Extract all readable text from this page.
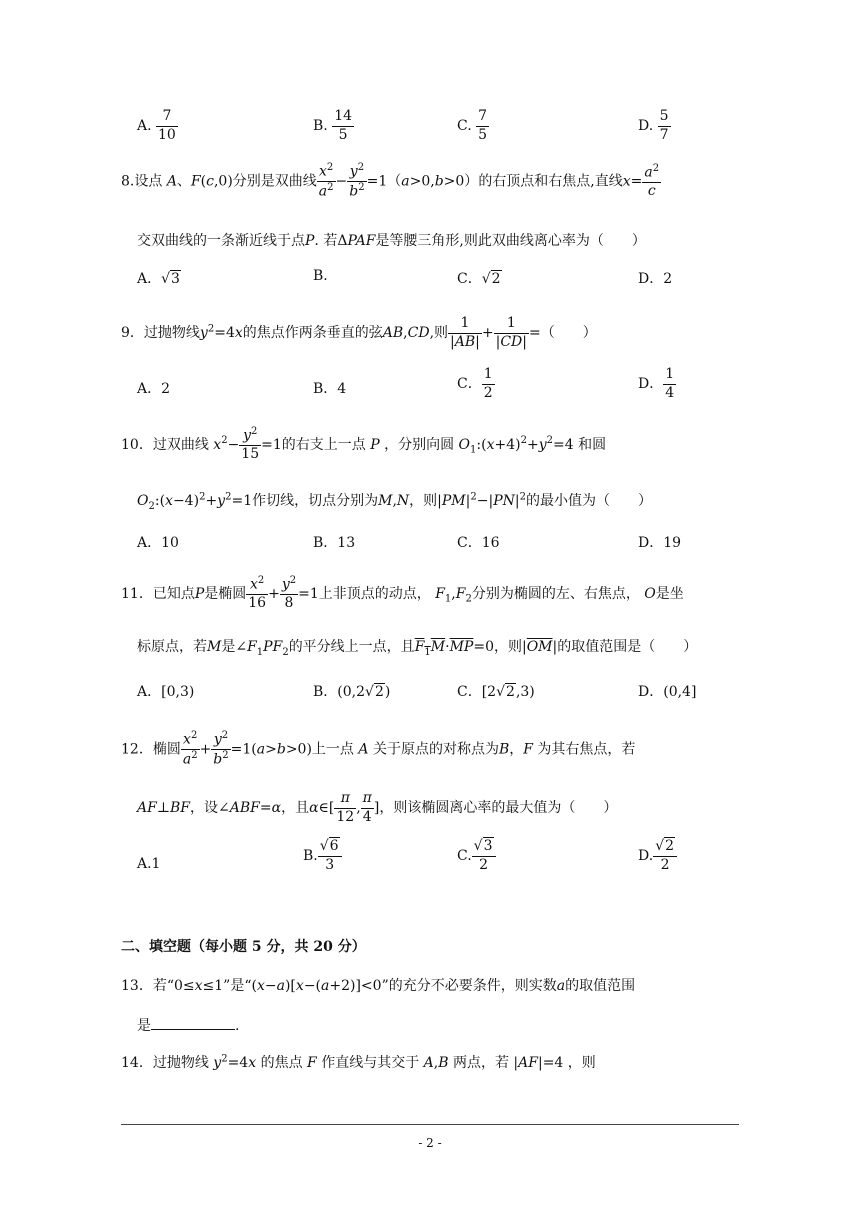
A. $\frac{7}{10}$	B. $\frac{14}{5}$	C. $\frac{7}{5}$	D. $\frac{5}{7}$
8.设点 A、F(c,0)分别是双曲线 $\frac{x^2}{a^2} - \frac{y^2}{b^2} =1(a>0,b>0)$的右顶点和右焦点,直线$x= \frac{a^2}{c}$
交双曲线的一条渐近线于点P. 若ΔPAF是等腰三角形,则此双曲线离心率为（　　）
A．√3	B.	C．√2	D．2
9．过抛物线$y^2=4x$的焦点作两条垂直的弦AB,CD,则 $\frac{1}{|AB|} + \frac{1}{|CD|}$ =（　　）
A．2	B．4	C． $\frac{1}{2}$	D． $\frac{1}{4}$
10．过双曲线 $x^2- \frac{y^2}{15} =1$的右支上一点 P ，分别向圆 $O_1:(x+4)^2+y^2=4$ 和圆
$O_2:(x-4)^2+y^2=1$作切线，切点分别为M,N，则$|PM|^2-|PN|^2$的最小值为（　　）
A．10	B．13	C．16	D．19
11．已知点P是椭圆 $\frac{x^2}{16} + \frac{y^2}{8} =1$上非顶点的动点， $F_1,F_2$分别为椭圆的左、右焦点， O是坐
标原点，若M是$\angle F_1PF_2$的平分线上一点，且$F_1M\cdot\overline{MP}=0$，则$|\overline{OM}|$的取值范围是（　　）
A．[0,3)	B．(0,2√2)	C．[2√2,3)	D．(0,4]
12．椭圆 $\frac{x^2}{a^2} + \frac{y^2}{b^2} =1(a>b>0)$上一点 A 关于原点的对称点为B，F 为其右焦点，若
AF⊥BF，设∠ABF=α，且α∈[ $\frac{\pi}{12}$ , $\frac{\pi}{4}$ ]，则该椭圆离心率的最大值为（　　）
A.1	B. $\frac{√6}{3}$	C. $\frac{√3}{2}$	D. $\frac{√2}{2}$
二、填空题（每小题 5 分，共 20 分）
13．若“0≤x≤1”是“(x−a)[x−(a+2)]<0”的充分不必要条件，则实数a的取值范围
是	.
14．过抛物线 $y^2=4x$ 的焦点 F 作直线与其交于 A,B 两点，若 |AF|=4 ，则
- 2 -
